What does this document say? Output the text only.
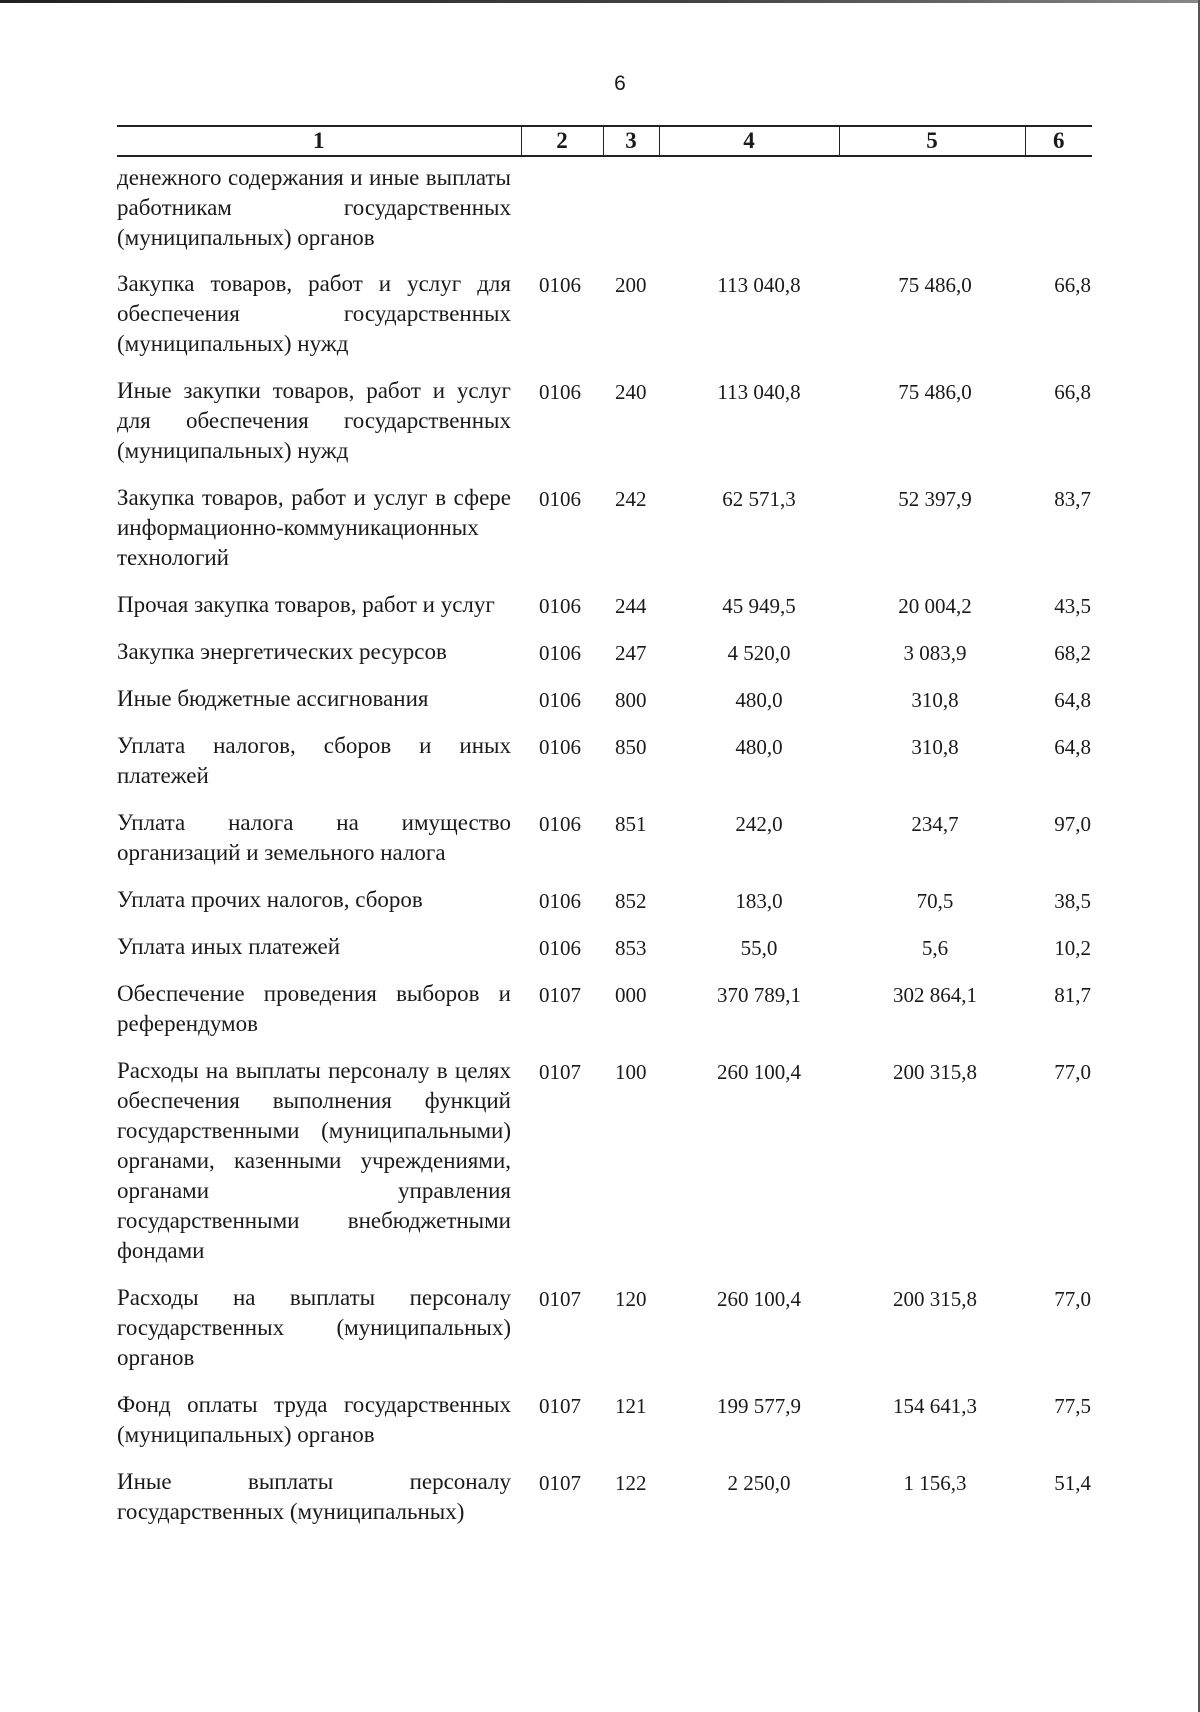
6
1	2	3	4	5	6
денежного содержания и иные выплаты работникам государственных (муниципальных) органов					
Закупка товаров, работ и услуг для обеспечения государственных (муниципальных) нужд	0106	200	113 040,8	75 486,0	66,8
Иные закупки товаров, работ и услуг для обеспечения государственных (муниципальных) нужд	0106	240	113 040,8	75 486,0	66,8
Закупка товаров, работ и услуг в сфере информационно-коммуникационных технологий	0106	242	62 571,3	52 397,9	83,7
Прочая закупка товаров, работ и услуг	0106	244	45 949,5	20 004,2	43,5
Закупка энергетических ресурсов	0106	247	4 520,0	3 083,9	68,2
Иные бюджетные ассигнования	0106	800	480,0	310,8	64,8
Уплата налогов, сборов и иных платежей	0106	850	480,0	310,8	64,8
Уплата налога на имущество организаций и земельного налога	0106	851	242,0	234,7	97,0
Уплата прочих налогов, сборов	0106	852	183,0	70,5	38,5
Уплата иных платежей	0106	853	55,0	5,6	10,2
Обеспечение проведения выборов и референдумов	0107	000	370 789,1	302 864,1	81,7
Расходы на выплаты персоналу в целях обеспечения выполнения функций государственными (муниципальными) органами, казенными учреждениями, органами управления государственными внебюджетными фондами	0107	100	260 100,4	200 315,8	77,0
Расходы на выплаты персоналу государственных (муниципальных) органов	0107	120	260 100,4	200 315,8	77,0
Фонд оплаты труда государственных (муниципальных) органов	0107	121	199 577,9	154 641,3	77,5
Иные выплаты персоналу государственных (муниципальных)	0107	122	2 250,0	1 156,3	51,4
